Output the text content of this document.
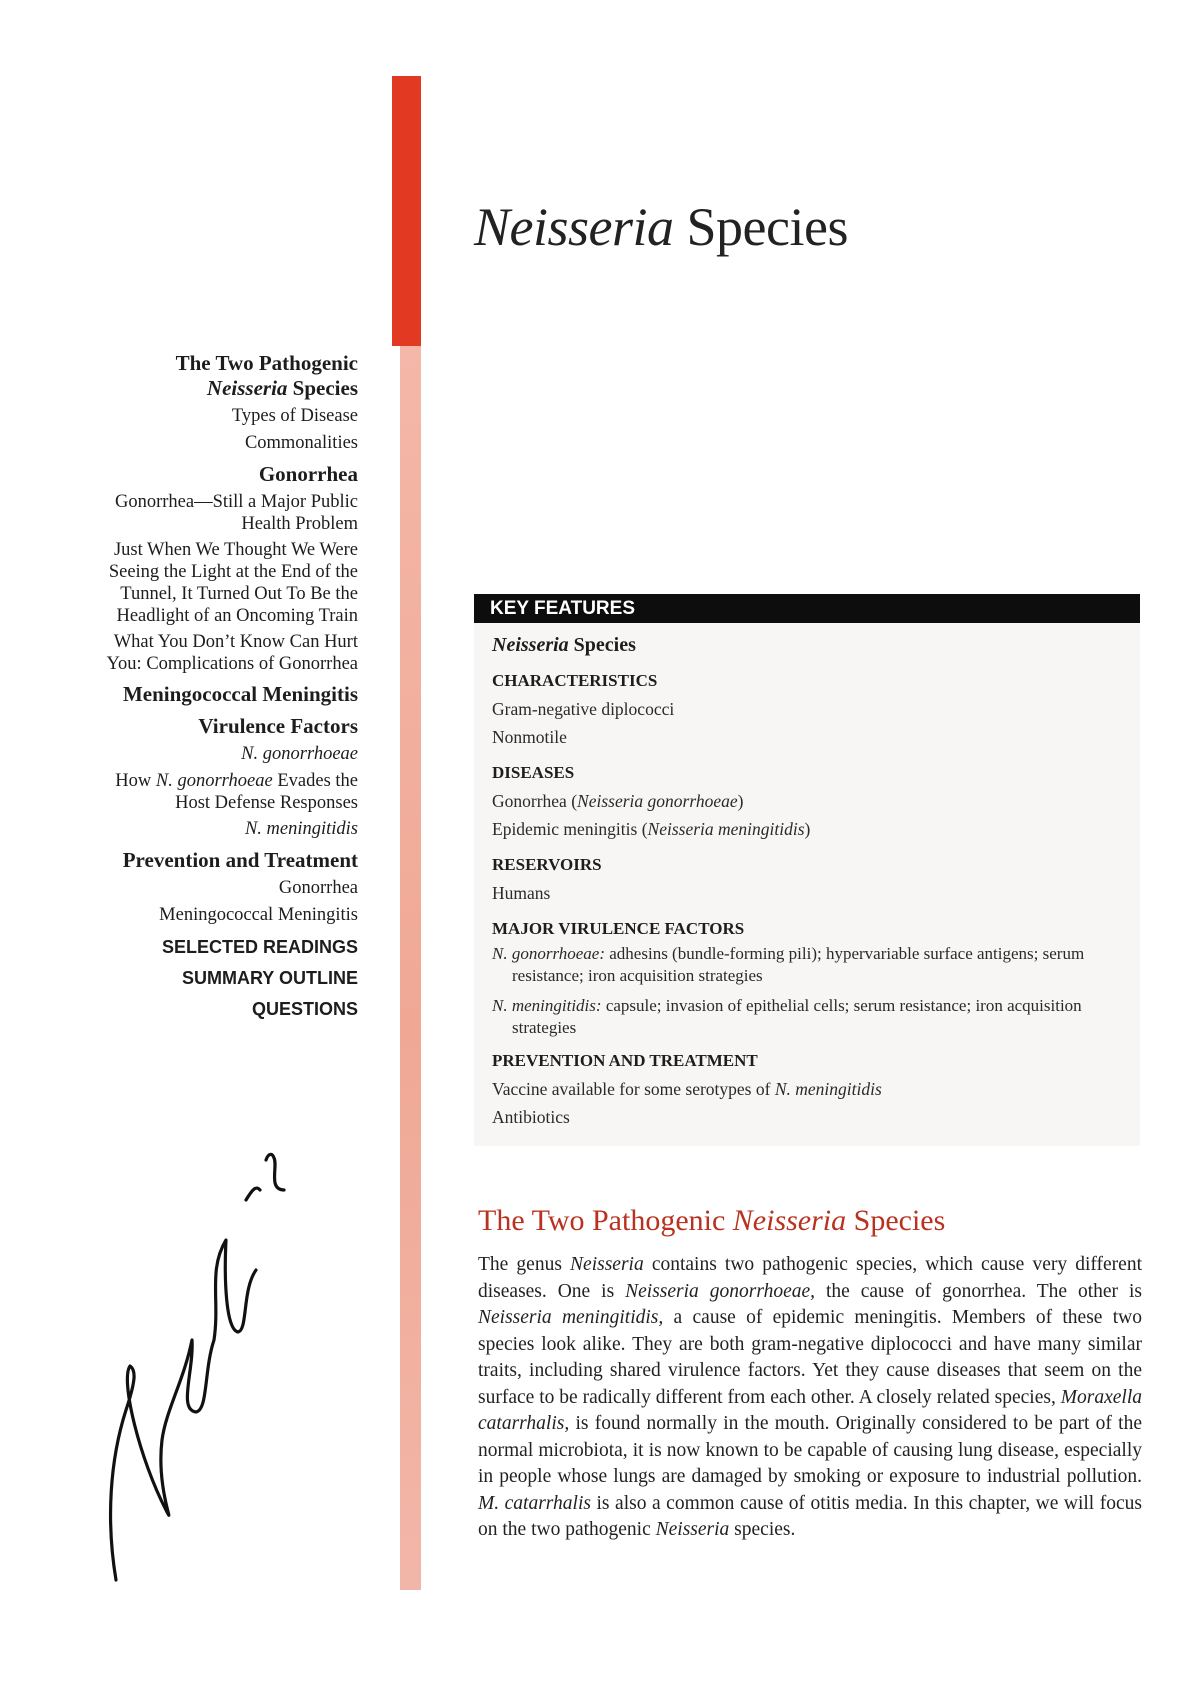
Neisseria Species
The Two Pathogenic
Neisseria Species
Types of Disease
Commonalities
Gonorrhea
Gonorrhea—Still a Major Public
Health Problem
Just When We Thought We Were
Seeing the Light at the End of the
Tunnel, It Turned Out To Be the
Headlight of an Oncoming Train
What You Don’t Know Can Hurt
You: Complications of Gonorrhea
Meningococcal Meningitis
Virulence Factors
N. gonorrhoeae
How N. gonorrhoeae Evades the
Host Defense Responses
N. meningitidis
Prevention and Treatment
Gonorrhea
Meningococcal Meningitis
SELECTED READINGS
SUMMARY OUTLINE
QUESTIONS
KEY FEATURES

Neisseria Species

CHARACTERISTICS

Gram-negative diplococci

Nonmotile

DISEASES

Gonorrhea (Neisseria gonorrhoeae)

Epidemic meningitis (Neisseria meningitidis)

RESERVOIRS

Humans

MAJOR VIRULENCE FACTORS

N. gonorrhoeae: adhesins (bundle-forming pili); hypervariable surface antigens; serum resistance; iron acquisition strategies

N. meningitidis: capsule; invasion of epithelial cells; serum resistance; iron acquisition strategies

PREVENTION AND TREATMENT

Vaccine available for some serotypes of N. meningitidis

Antibiotics

The Two Pathogenic Neisseria Species

The genus Neisseria contains two pathogenic species, which cause very different diseases. One is Neisseria gonorrhoeae, the cause of gonorrhea. The other is Neisseria meningitidis, a cause of epidemic meningitis. Members of these two species look alike. They are both gram-negative diplococci and have many similar traits, including shared virulence factors. Yet they cause diseases that seem on the surface to be radically different from each other. A closely related species, Moraxella catarrhalis, is found normally in the mouth. Originally considered to be part of the normal microbiota, it is now known to be capable of causing lung disease, especially in people whose lungs are damaged by smoking or exposure to industrial pollution. M. catarrhalis is also a common cause of otitis media. In this chapter, we will focus on the two pathogenic Neisseria species.
